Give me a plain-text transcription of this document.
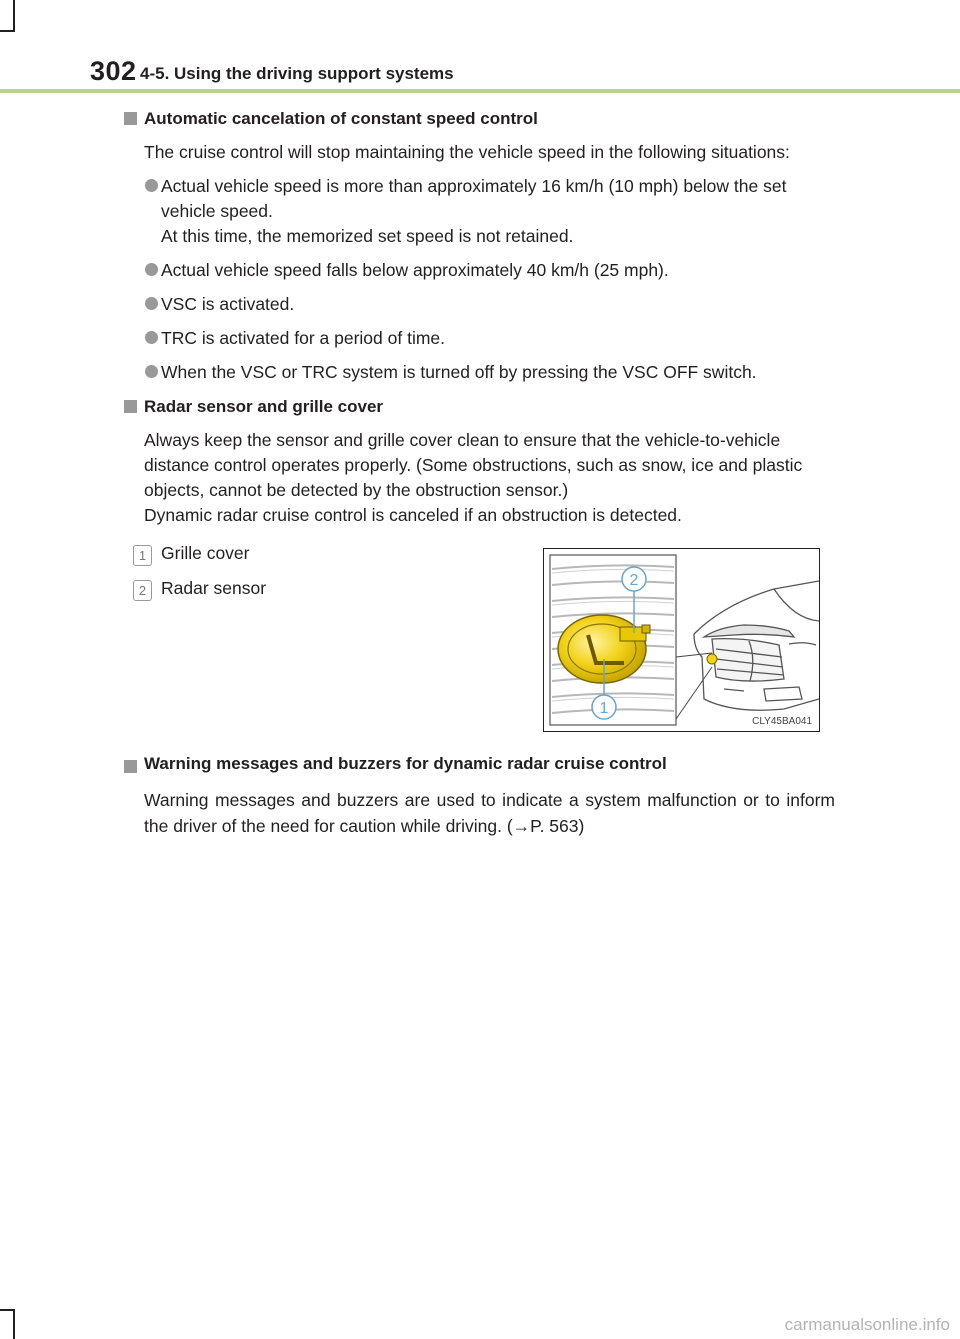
302 4-5. Using the driving support systems
Automatic cancelation of constant speed control

The cruise control will stop maintaining the vehicle speed in the following situations:

Actual vehicle speed is more than approximately 16 km/h (10 mph) below the set vehicle speed.
At this time, the memorized set speed is not retained.
Actual vehicle speed falls below approximately 40 km/h (25 mph).
VSC is activated.
TRC is activated for a period of time.
When the VSC or TRC system is turned off by pressing the VSC OFF switch.
Radar sensor and grille cover

Always keep the sensor and grille cover clean to ensure that the vehicle-to-vehicle distance control operates properly. (Some obstructions, such as snow, ice and plastic objects, cannot be detected by the obstruction sensor.)

Dynamic radar cruise control is canceled if an obstruction is detected.

1 Grille cover
2 Radar sensor	2
1
CLY45BA041
Warning messages and buzzers for dynamic radar cruise control

Warning messages and buzzers are used to indicate a system malfunction or to inform the driver of the need for caution while driving. (→P. 563)

carmanualsonline.info
